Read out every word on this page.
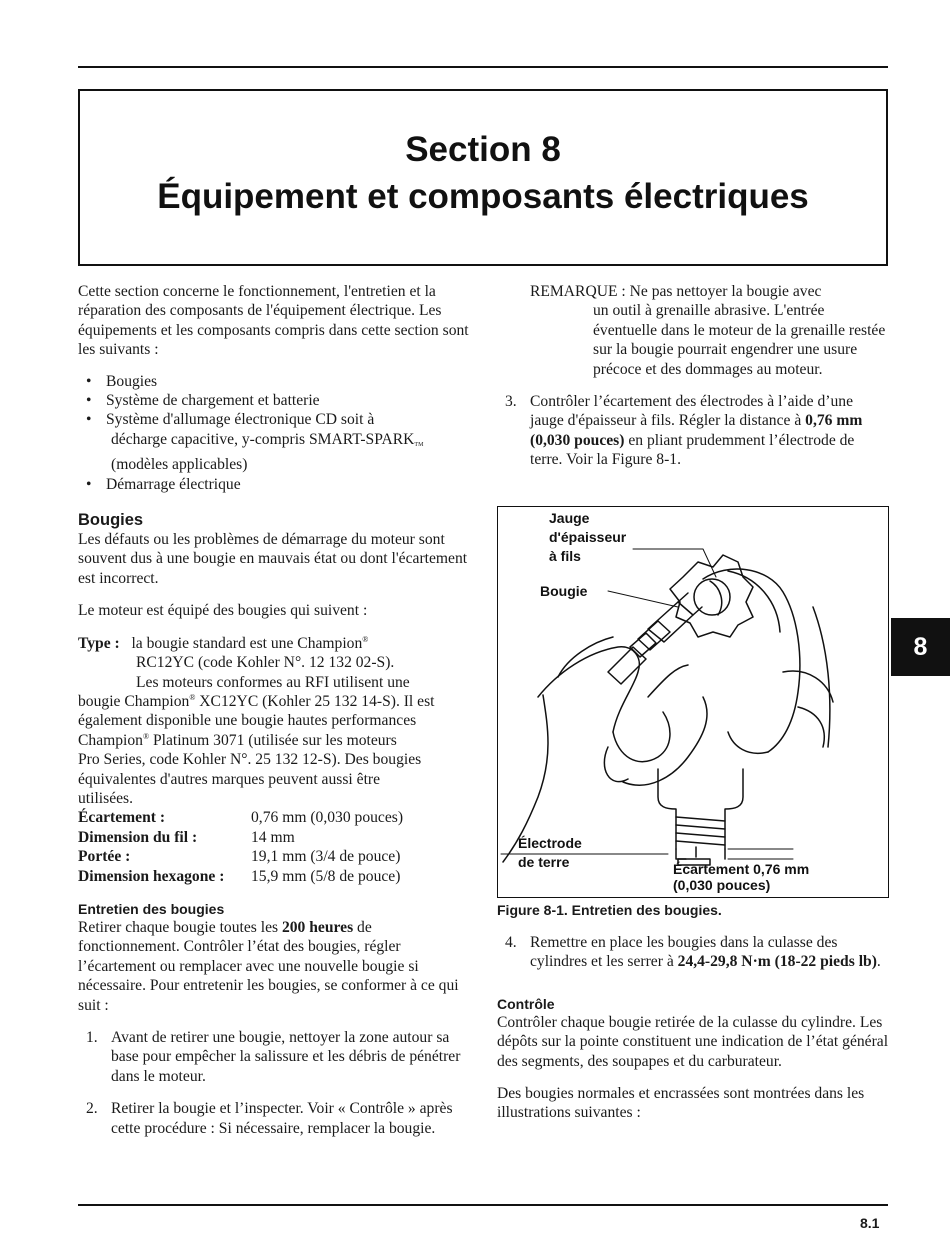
Section 8
Équipement et composants électriques
8

Cette section concerne le fonctionnement, l'entretien et la réparation des composants de l'équipement électrique. Les équipements et les composants compris dans cette section sont les suivants :

• Bougies
• Système de chargement et batterie
• Système d'allumage électronique CD soit à
décharge capacitive, y-compris SMART-SPARKTM
(modèles applicables)
• Démarrage électrique
Bougies

Les défauts ou les problèmes de démarrage du moteur sont souvent dus à une bougie en mauvais état ou dont l'écartement est incorrect.

Le moteur est équipé des bougies qui suivent :

Type : la bougie standard est une Champion®
RC12YC (code Kohler N°. 12 132 02-S).
Les moteurs conformes au RFI utilisent une
bougie Champion® XC12YC (Kohler 25 132 14-S). Il est
également disponible une bougie hautes performances
Champion® Platinum 3071 (utilisée sur les moteurs
Pro Series, code Kohler N°. 25 132 12-S). Des bougies
équivalentes d'autres marques peuvent aussi être
utilisées.
Écartement :	0,76 mm (0,030 pouces)
Dimension du fil :	14 mm
Portée :	19,1 mm (3/4 de pouce)
Dimension hexagone :	15,9 mm (5/8 de pouce)
Entretien des bougies

Retirer chaque bougie toutes les 200 heures de fonctionnement. Contrôler l’état des bougies, régler l’écartement ou remplacer avec une nouvelle bougie si nécessaire. Pour entretenir les bougies, se conformer à ce qui suit :

1. Avant de retirer une bougie, nettoyer la zone autour sa base pour empêcher la salissure et les débris de pénétrer dans le moteur.
2. Retirer la bougie et l’inspecter. Voir « Contrôle » après cette procédure : Si nécessaire, remplacer la bougie.
REMARQUE : Ne pas nettoyer la bougie avec
un outil à grenaille abrasive. L'entrée éventuelle dans le moteur de la grenaille restée sur la bougie pourrait engendrer une usure précoce et des dommages au moteur.
3. Contrôler l’écartement des électrodes à l’aide d’une jauge d'épaisseur à fils. Régler la distance à 0,76 mm (0,030 pouces) en pliant prudemment l’électrode de terre. Voir la Figure 8-1.
Jauge
d'épaisseur
à fils
Bougie
Électrode
de terre	Écartement 0,76 mm
(0,030 pouces)
Figure 8-1. Entretien des bougies.
4. Remettre en place les bougies dans la culasse des cylindres et les serrer à 24,4-29,8 N·m (18-22 pieds lb).
Contrôle

Contrôler chaque bougie retirée de la culasse du cylindre. Les dépôts sur la pointe constituent une indication de l’état général des segments, des soupapes et du carburateur.

Des bougies normales et encrassées sont montrées dans les illustrations suivantes :

8.1
